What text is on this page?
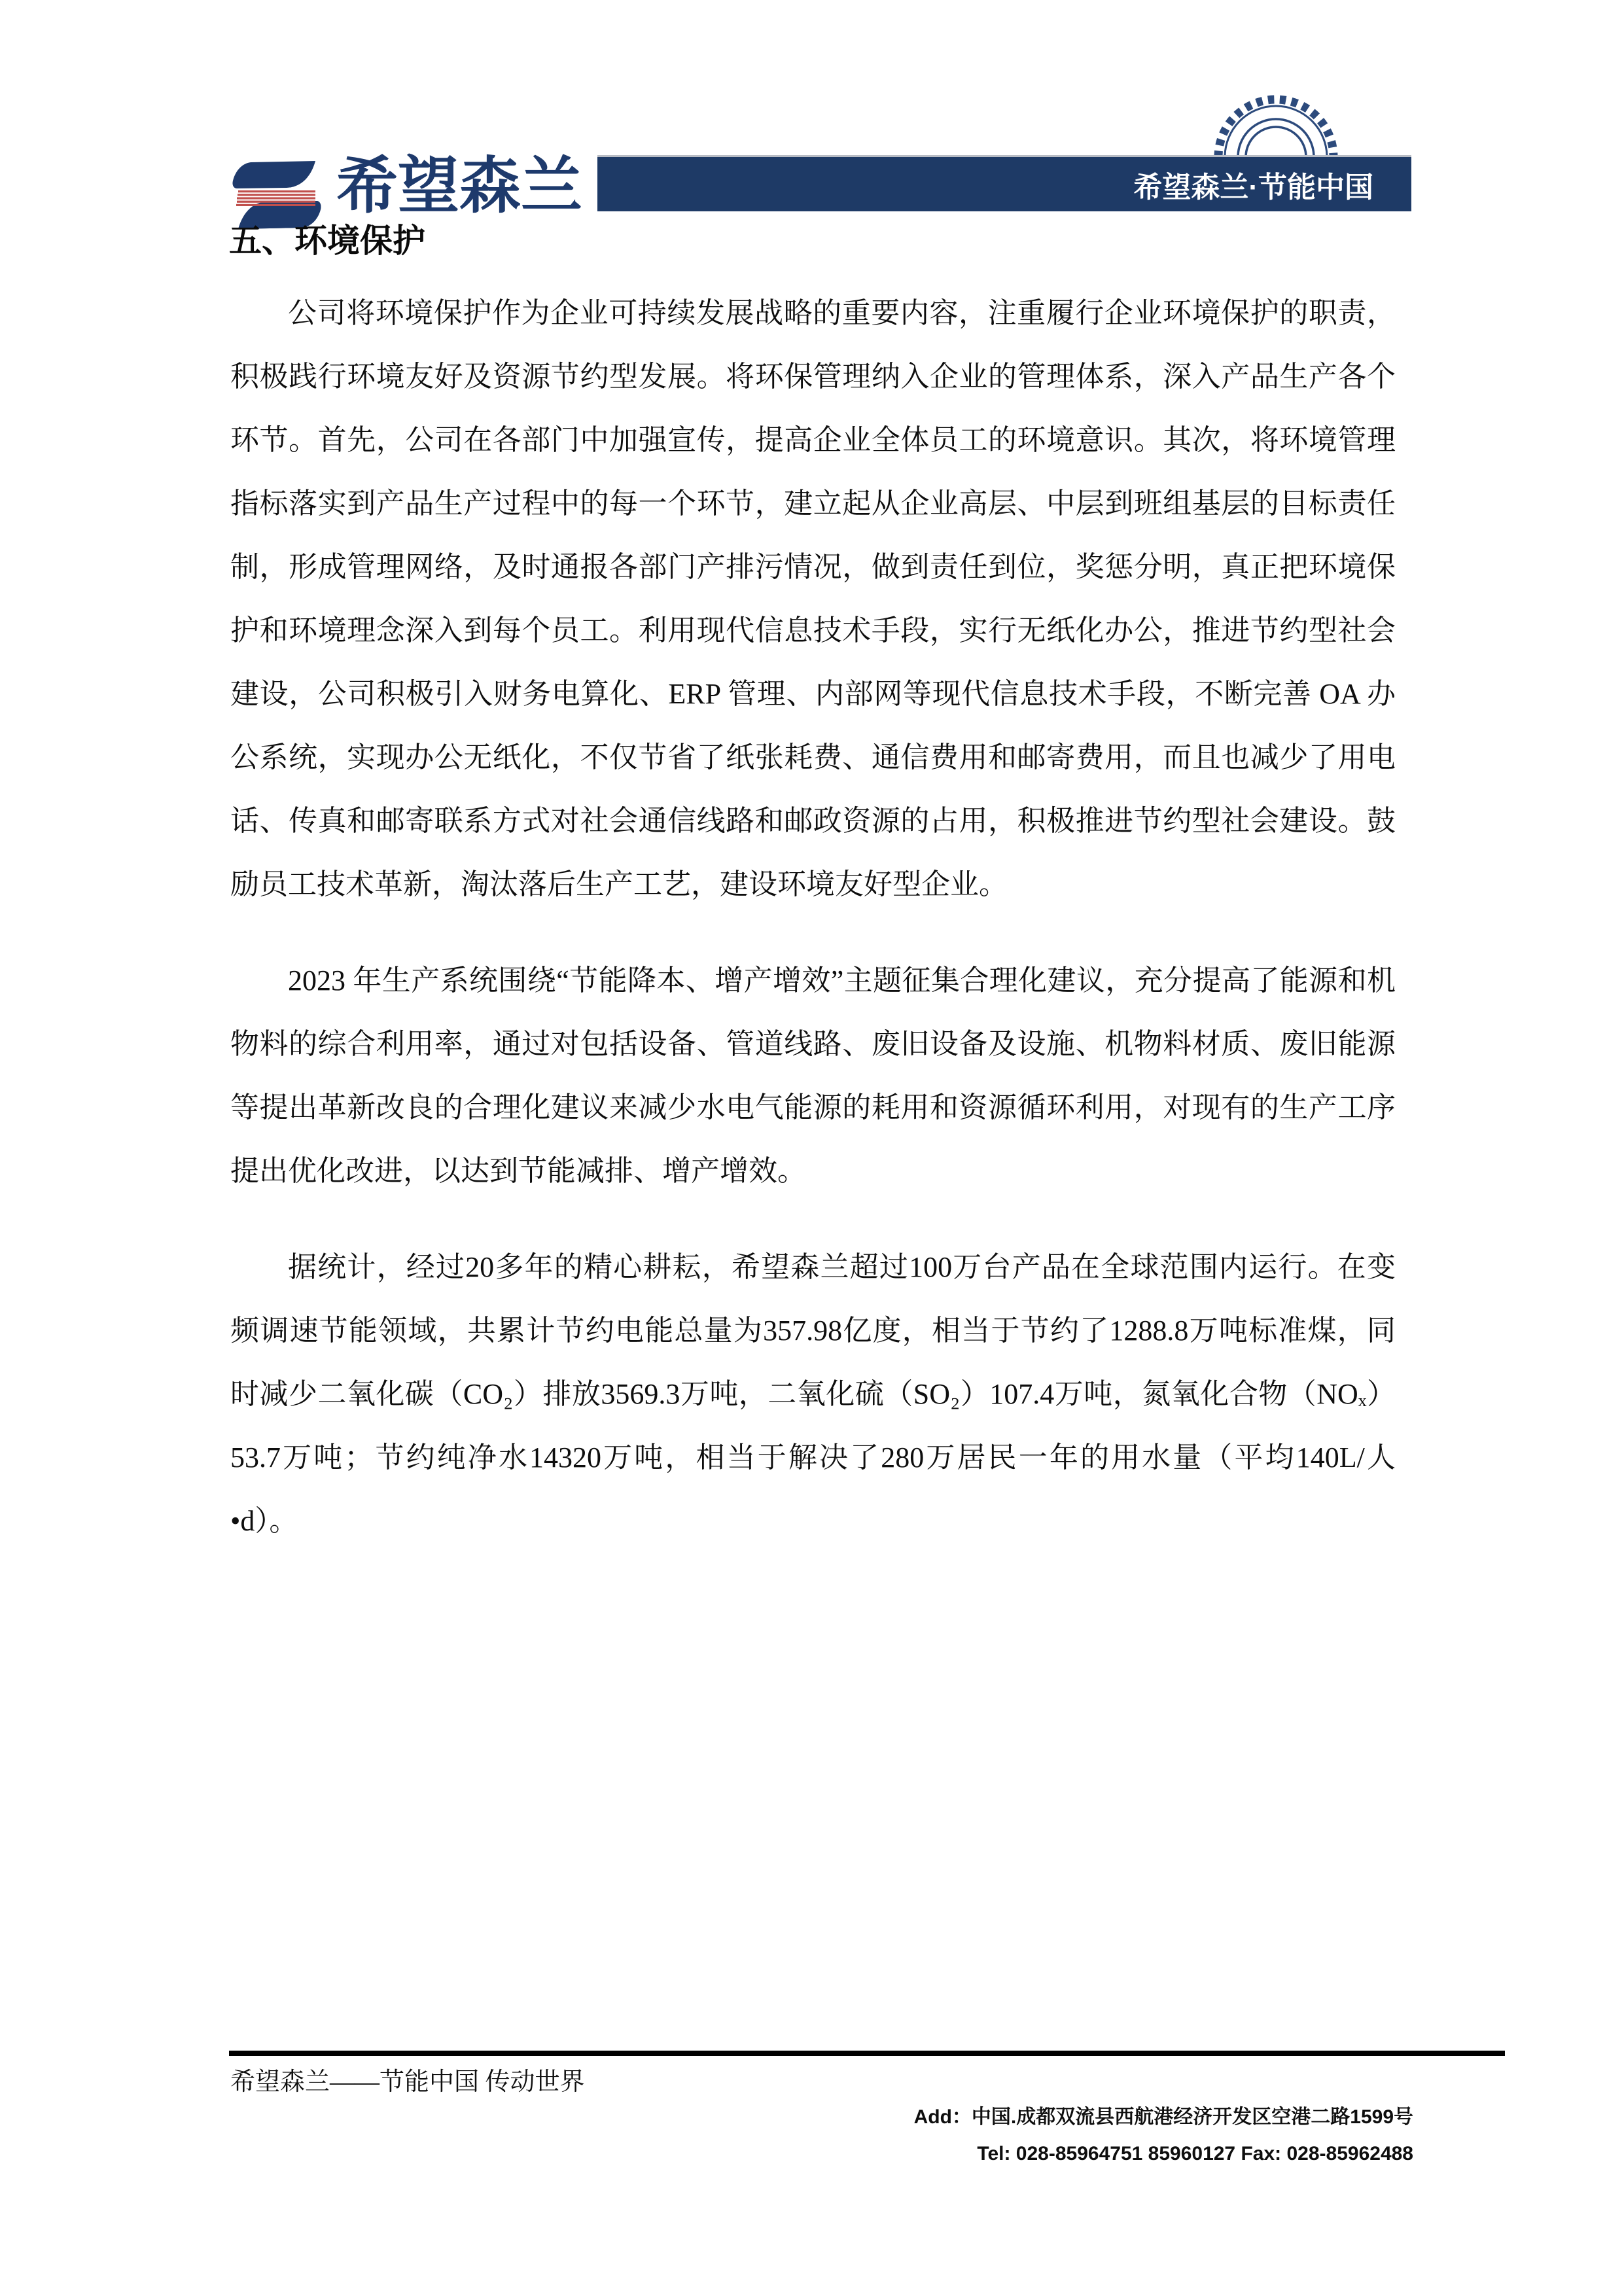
希望森兰	希望森兰·节能中国
五、环境保护

公司将环境保护作为企业可持续发展战略的重要内容，注重履行企业环境保护的职责，积极践行环境友好及资源节约型发展。将环保管理纳入企业的管理体系，深入产品生产各个环节。首先，公司在各部门中加强宣传，提高企业全体员工的环境意识。其次，将环境管理指标落实到产品生产过程中的每一个环节，建立起从企业高层、中层到班组基层的目标责任制，形成管理网络，及时通报各部门产排污情况，做到责任到位，奖惩分明，真正把环境保护和环境理念深入到每个员工。利用现代信息技术手段，实行无纸化办公，推进节约型社会建设，公司积极引入财务电算化、ERP 管理、内部网等现代信息技术手段，不断完善 OA 办公系统，实现办公无纸化，不仅节省了纸张耗费、通信费用和邮寄费用，而且也减少了用电话、传真和邮寄联系方式对社会通信线路和邮政资源的占用，积极推进节约型社会建设。鼓励员工技术革新，淘汰落后生产工艺，建设环境友好型企业。

2023 年生产系统围绕“节能降本、增产增效”主题征集合理化建议，充分提高了能源和机物料的综合利用率，通过对包括设备、管道线路、废旧设备及设施、机物料材质、废旧能源等提出革新改良的合理化建议来减少水电气能源的耗用和资源循环利用，对现有的生产工序提出优化改进，以达到节能减排、增产增效。

据统计，经过20多年的精心耕耘，希望森兰超过100万台产品在全球范围内运行。在变频调速节能领域，共累计节约电能总量为357.98亿度，相当于节约了1288.8万吨标准煤，同时减少二氧化碳（CO₂）排放3569.3万吨，二氧化硫（SO₂）107.4万吨，氮氧化合物（NOₓ）53.7万吨；节约纯净水14320万吨，相当于解决了280万居民一年的用水量（平均140L/人•d）。

希望森兰——节能中国 传动世界
Add：中国.成都双流县西航港经济开发区空港二路1599号
Tel: 028-85964751 85960127 Fax: 028-85962488
